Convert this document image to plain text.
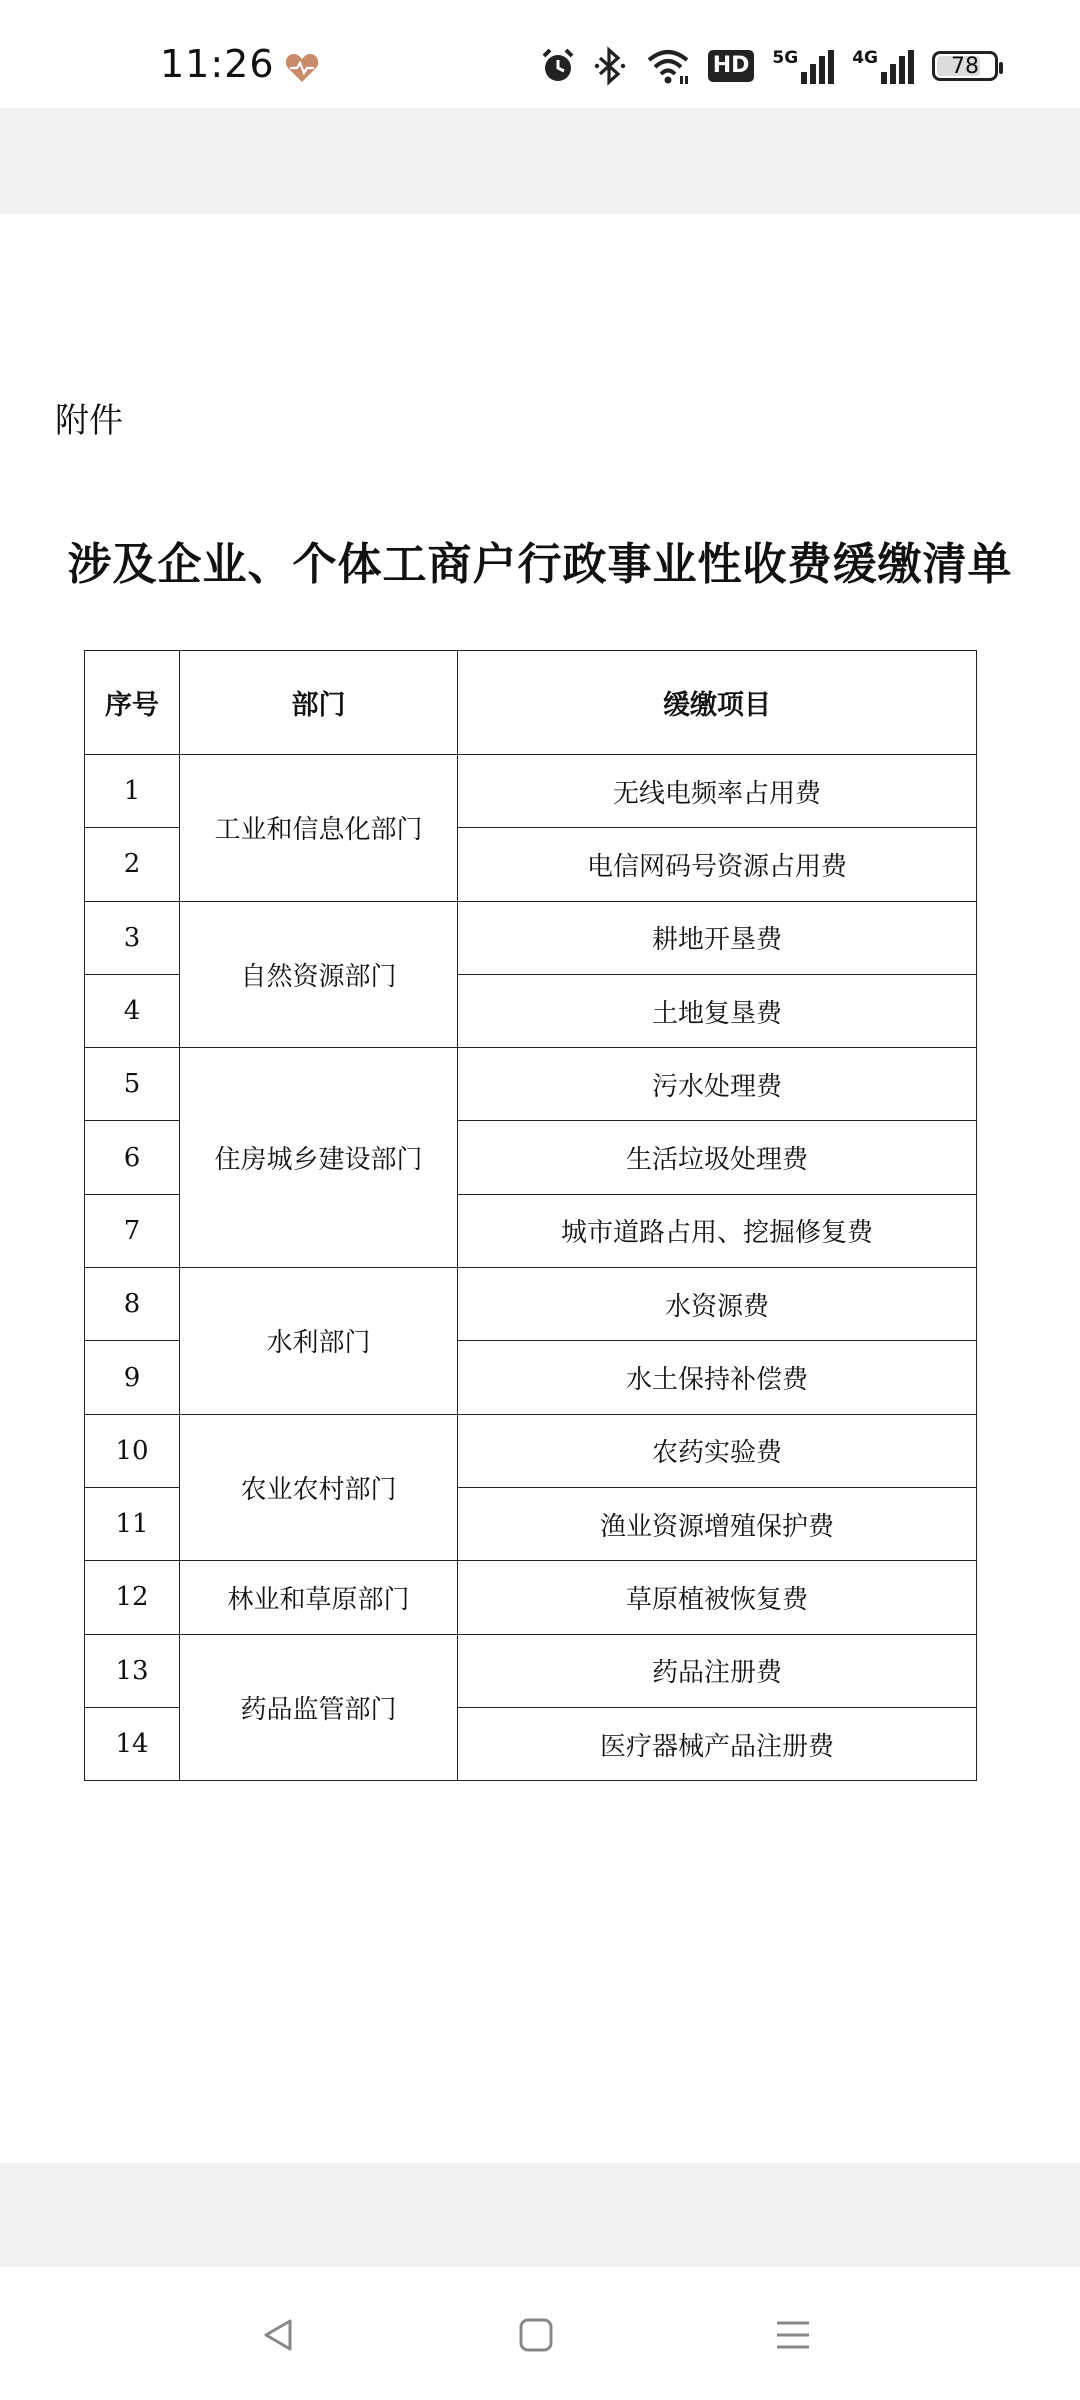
11:26	HD 5G	4G	78
附件
涉及企业、个体工商户行政事业性收费缓缴清单
序号	部门	缓缴项目
1	工业和信息化部门	无线电频率占用费
2		电信网码号资源占用费
3	自然资源部门	耕地开垦费
4		土地复垦费
5	住房城乡建设部门	污水处理费
6		生活垃圾处理费
7		城市道路占用、挖掘修复费
8	水利部门	水资源费
9		水土保持补偿费
10	农业农村部门	农药实验费
11		渔业资源增殖保护费
12	林业和草原部门	草原植被恢复费
13	药品监管部门	药品注册费
14		医疗器械产品注册费
